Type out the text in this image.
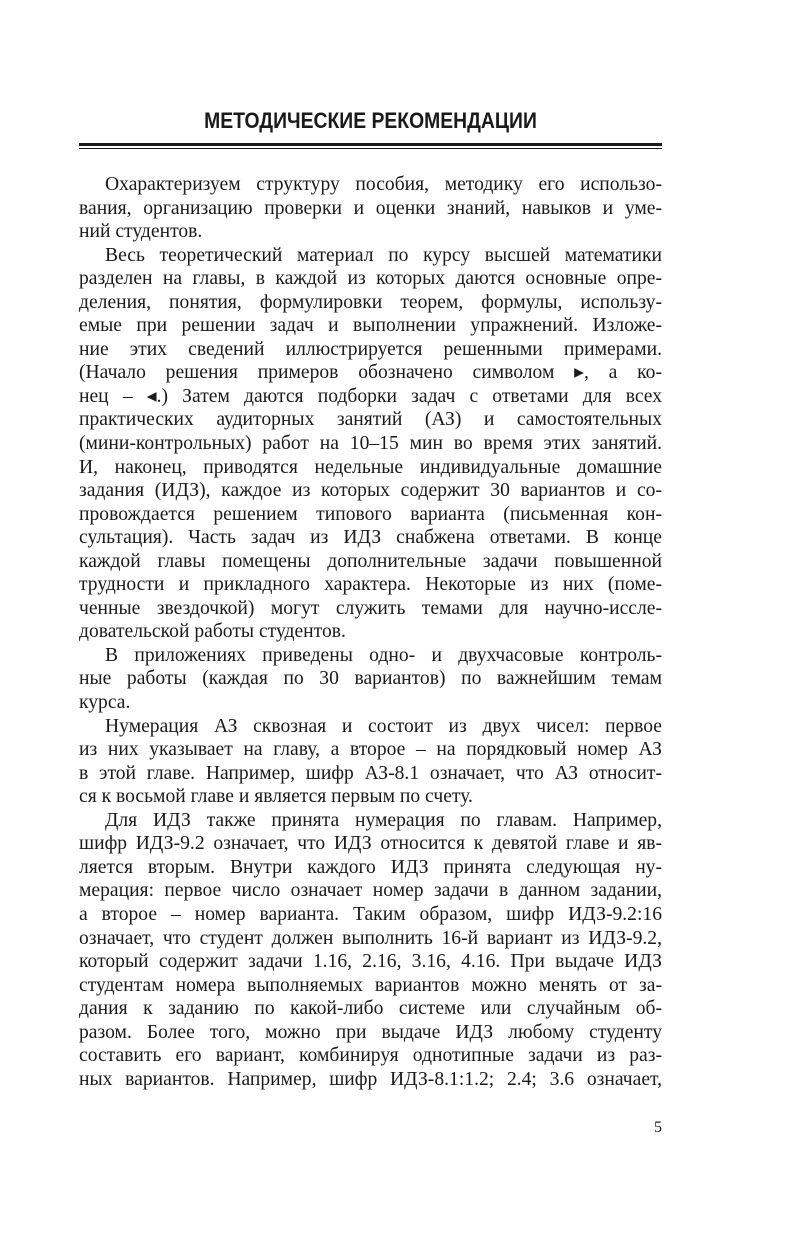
МЕТОДИЧЕСКИЕ РЕКОМЕНДАЦИИ
Охарактеризуем структуру пособия, методику его использо-
вания, организацию проверки и оценки знаний, навыков и уме-
ний студентов.
Весь теоретический материал по курсу высшей математики
разделен на главы, в каждой из которых даются основные опре-
деления, понятия, формулировки теорем, формулы, использу-
емые при решении задач и выполнении упражнений. Изложе-
ние этих сведений иллюстрируется решенными примерами.
(Начало решения примеров обозначено символом ▸, а ко-
нец – ◂.) Затем даются подборки задач с ответами для всех
практических аудиторных занятий (АЗ) и самостоятельных
(мини-контрольных) работ на 10–15 мин во время этих занятий.
И, наконец, приводятся недельные индивидуальные домашние
задания (ИДЗ), каждое из которых содержит 30 вариантов и со-
провождается решением типового варианта (письменная кон-
сультация). Часть задач из ИДЗ снабжена ответами. В конце
каждой главы помещены дополнительные задачи повышенной
трудности и прикладного характера. Некоторые из них (поме-
ченные звездочкой) могут служить темами для научно-иссле-
довательской работы студентов.
В приложениях приведены одно- и двухчасовые контроль-
ные работы (каждая по 30 вариантов) по важнейшим темам
курса.
Нумерация АЗ сквозная и состоит из двух чисел: первое
из них указывает на главу, а второе – на порядковый номер АЗ
в этой главе. Например, шифр АЗ-8.1 означает, что АЗ относит-
ся к восьмой главе и является первым по счету.
Для ИДЗ также принята нумерация по главам. Например,
шифр ИДЗ-9.2 означает, что ИДЗ относится к девятой главе и яв-
ляется вторым. Внутри каждого ИДЗ принята следующая ну-
мерация: первое число означает номер задачи в данном задании,
а второе – номер варианта. Таким образом, шифр ИДЗ-9.2:16
означает, что студент должен выполнить 16-й вариант из ИДЗ-9.2,
который содержит задачи 1.16, 2.16, 3.16, 4.16. При выдаче ИДЗ
студентам номера выполняемых вариантов можно менять от за-
дания к заданию по какой-либо системе или случайным об-
разом. Более того, можно при выдаче ИДЗ любому студенту
составить его вариант, комбинируя однотипные задачи из раз-
ных вариантов. Например, шифр ИДЗ-8.1:1.2; 2.4; 3.6 означает,
5
